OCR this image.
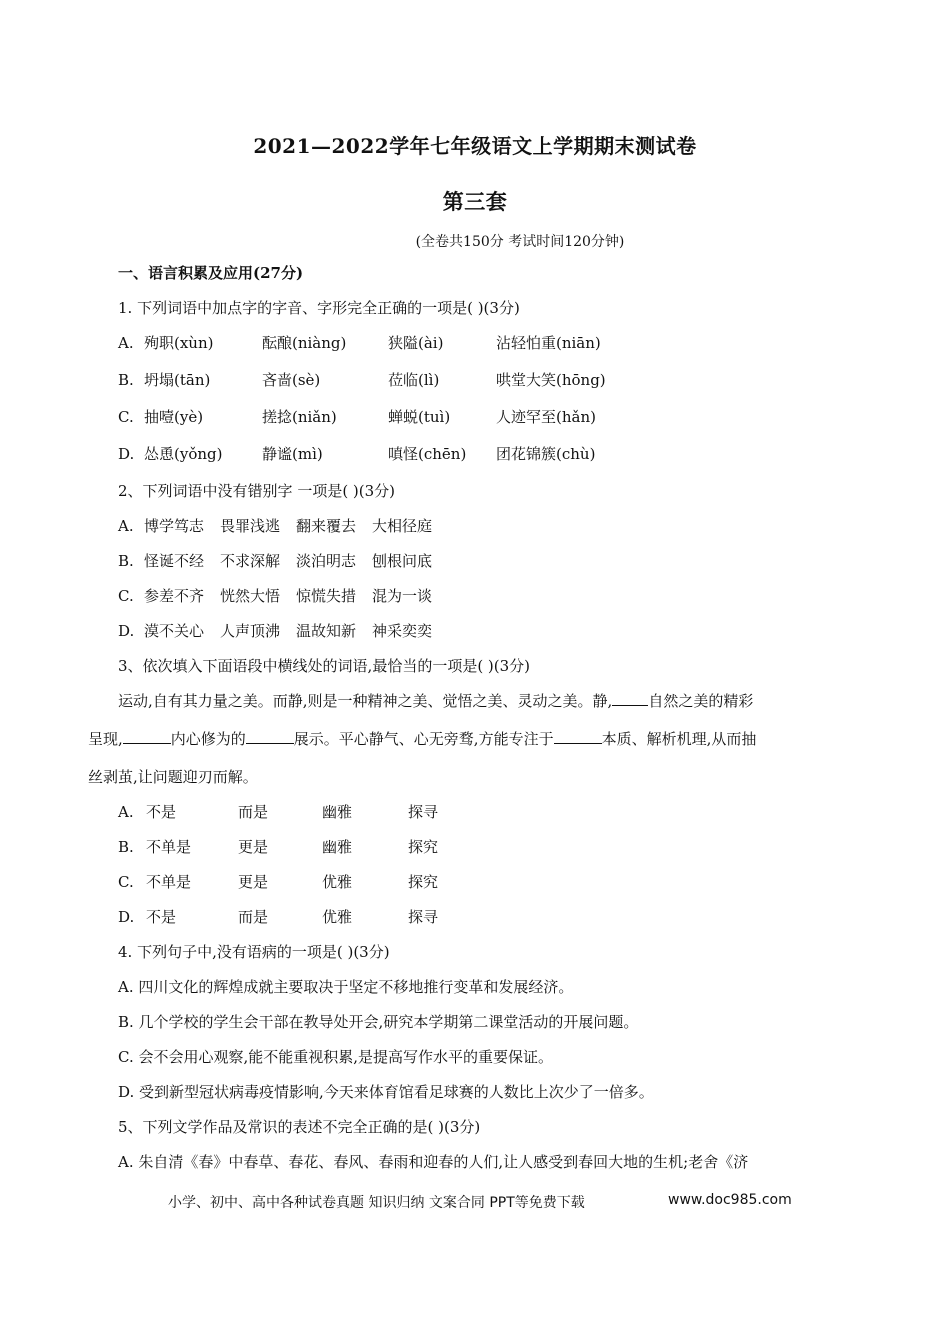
2021—2022学年七年级语文上学期期末测试卷
第三套
(全卷共150分 考试时间120分钟)
一、语言积累及应用(27分)
1. 下列词语中加点字的字音、字形完全正确的一项是( )(3分)
A. 殉职(xùn)	酝酿(niàng)	狭隘(ài)	沾轻怕重(niān)
B. 坍塌(tān)	吝啬(sè)	莅临(lì)	哄堂大笑(hōng)
C. 抽噎(yè)	搓捻(niǎn)	蝉蜕(tuì)	人迹罕至(hǎn)
D. 怂恿(yǒng)	静谧(mì)	嗔怪(chēn) 团花锦簇(chù)
2、下列词语中没有错别字 一项是( )(3分)
A. 博学笃志 畏罪浅逃 翻来覆去 大相径庭
B. 怪诞不经 不求深解 淡泊明志 刨根问底
C. 参差不齐 恍然大悟 惊慌失措 混为一谈
D. 漠不关心 人声顶沸 温故知新 神采奕奕
3、依次填入下面语段中横线处的词语,最恰当的一项是( )(3分)
运动,自有其力量之美。而静,则是一种精神之美、觉悟之美、灵动之美。静, 自然之美的精彩
呈现,	内心修为的	展示。平心静气、心无旁骛,方能专注于	本质、解析机理,从而抽
丝剥茧,让问题迎刃而解。
A. 不是	而是	幽雅	探寻
B. 不单是	更是	幽雅	探究
C. 不单是	更是	优雅	探究
D. 不是	而是	优雅	探寻
4. 下列句子中,没有语病的一项是( )(3分)
A. 四川文化的辉煌成就主要取决于坚定不移地推行变革和发展经济。
B. 几个学校的学生会干部在教导处开会,研究本学期第二课堂活动的开展问题。
C. 会不会用心观察,能不能重视积累,是提高写作水平的重要保证。
D. 受到新型冠状病毒疫情影响,今天来体育馆看足球赛的人数比上次少了一倍多。
5、下列文学作品及常识的表述不完全正确的是( )(3分)
A. 朱自清《春》中春草、春花、春风、春雨和迎春的人们,让人感受到春回大地的生机;老舍《济
小学、初中、高中各种试卷真题 知识归纳 文案合同 PPT等免费下载	www.doc985.com
